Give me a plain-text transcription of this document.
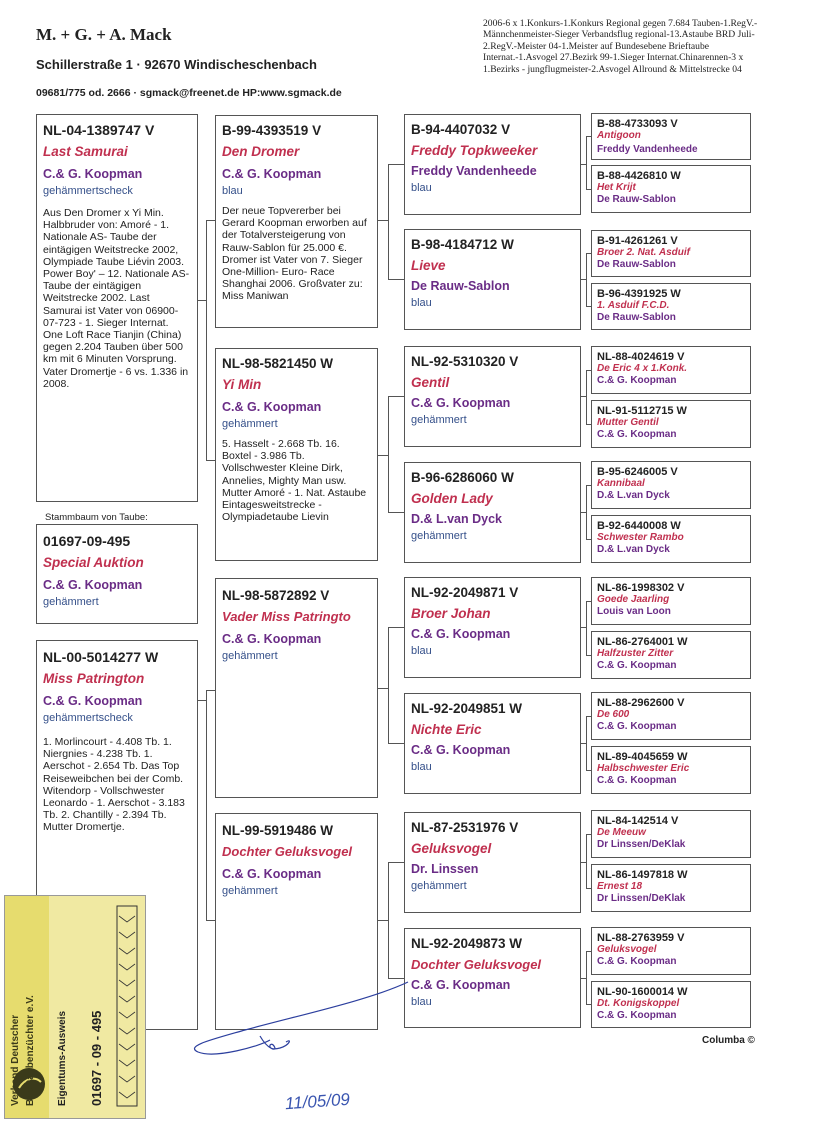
M. + G. + A. Mack
Schillerstraße 1 · 92670 Windischeschenbach
09681/775 od. 2666 · sgmack@freenet.de HP:www.sgmack.de
2006-6 x 1.Konkurs-1.Konkurs Regional gegen 7.684 Tauben-1.RegV.-Männchenmeister-Sieger Verbandsflug regional-13.Astaube BRD Juli-2.RegV.-Meister 04-1.Meister auf Bundesebene Brieftaube Internat.-1.Asvogel 27.Bezirk 99-1.Sieger Internat.Chinarennen-3 x 1.Bezirks - jungflugmeister-2.Asvogel Allround & Mittelstrecke 04
NL-04-1389747 V
Last Samurai
C.& G. Koopman
gehämmertscheck
Aus Den Dromer x Yi Min. Halbbruder von: Amoré - 1. Nationale AS- Taube der eintägigen Weitstrecke 2002, Olympiade Taube Liévin 2003. Power Boy' – 12. Nationale AS- Taube der eintägigen Weitstrecke 2002. Last Samurai ist Vater von 06900-07-723 - 1. Sieger Internat. One Loft Race Tianjin (China) gegen 2.204 Tauben über 500 km mit 6 Minuten Vorsprung. Vater Dromertje - 6 vs. 1.336 in 2008.
Stammbaum von Taube:
01697-09-495
Special Auktion
C.& G. Koopman
gehämmert
NL-00-5014277 W
Miss Patrington
C.& G. Koopman
gehämmertscheck
1. Morlincourt - 4.408 Tb. 1. Niergnies - 4.238 Tb. 1. Aerschot - 2.654 Tb. Das Top Reiseweibchen bei der Comb. Witendorp - Vollschwester Leonardo - 1. Aerschot - 3.183 Tb. 2. Chantilly - 2.394 Tb. Mutter Dromertje.
B-99-4393519 V
Den Dromer
C.& G. Koopman
blau
Der neue Topvererber bei Gerard Koopman erworben auf der Totalversteigerung von Rauw-Sablon für 25.000 €. Dromer ist Vater von 7. Sieger One-Million- Euro- Race Shanghai 2006. Großvater zu: Miss Maniwan
NL-98-5821450 W
Yi Min
C.& G. Koopman
gehämmert
5. Hasselt - 2.668 Tb. 16. Boxtel - 3.986 Tb. Vollschwester Kleine Dirk, Annelies, Mighty Man usw. Mutter Amoré - 1. Nat. Astaube Eintagesweitstrecke - Olympiadetaube Lievin
NL-98-5872892 V
Vader Miss Patringto
C.& G. Koopman
gehämmert
NL-99-5919486 W
Dochter Geluksvogel
C.& G. Koopman
gehämmert
B-94-4407032 V
Freddy Topkweeker
Freddy Vandenheede
blau
B-98-4184712 W
Lieve
De Rauw-Sablon
blau
NL-92-5310320 V
Gentil
C.& G. Koopman
gehämmert
B-96-6286060 W
Golden Lady
D.& L.van Dyck
gehämmert
NL-92-2049871 V
Broer Johan
C.& G. Koopman
blau
NL-92-2049851 W
Nichte Eric
C.& G. Koopman
blau
NL-87-2531976 V
Geluksvogel
Dr. Linssen
gehämmert
NL-92-2049873 W
Dochter Geluksvogel
C.& G. Koopman
blau
B-88-4733093 V
Antigoon
Freddy Vandenheede
B-88-4426810 W
Het Krijt
De Rauw-Sablon
B-91-4261261 V
Broer 2. Nat. Asduif
De Rauw-Sablon
B-96-4391925 W
1. Asduif F.C.D.
De Rauw-Sablon
NL-88-4024619 V
De Eric 4 x 1.Konk.
C.& G. Koopman
NL-91-5112715 W
Mutter Gentil
C.& G. Koopman
B-95-6246005 V
Kannibaal
D.& L.van Dyck
B-92-6440008 W
Schwester Rambo
D.& L.van Dyck
NL-86-1998302 V
Goede Jaarling
Louis van Loon
NL-86-2764001 W
Halfzuster Zitter
C.& G. Koopman
NL-88-2962600 V
De 600
C.& G. Koopman
NL-89-4045659 W
Halbschwester Eric
C.& G. Koopman
NL-84-142514 V
De Meeuw
Dr Linssen/DeKlak
NL-86-1497818 W
Ernest 18
Dr Linssen/DeKlak
NL-88-2763959 V
Geluksvogel
C.& G. Koopman
NL-90-1600014 W
Dt. Konigskoppel
C.& G. Koopman
Columba ©
11/05/09
Verband Deutscher Brieftaubenzüchter e.V. Eigentums-Ausweis 01697 - 09 - 495
